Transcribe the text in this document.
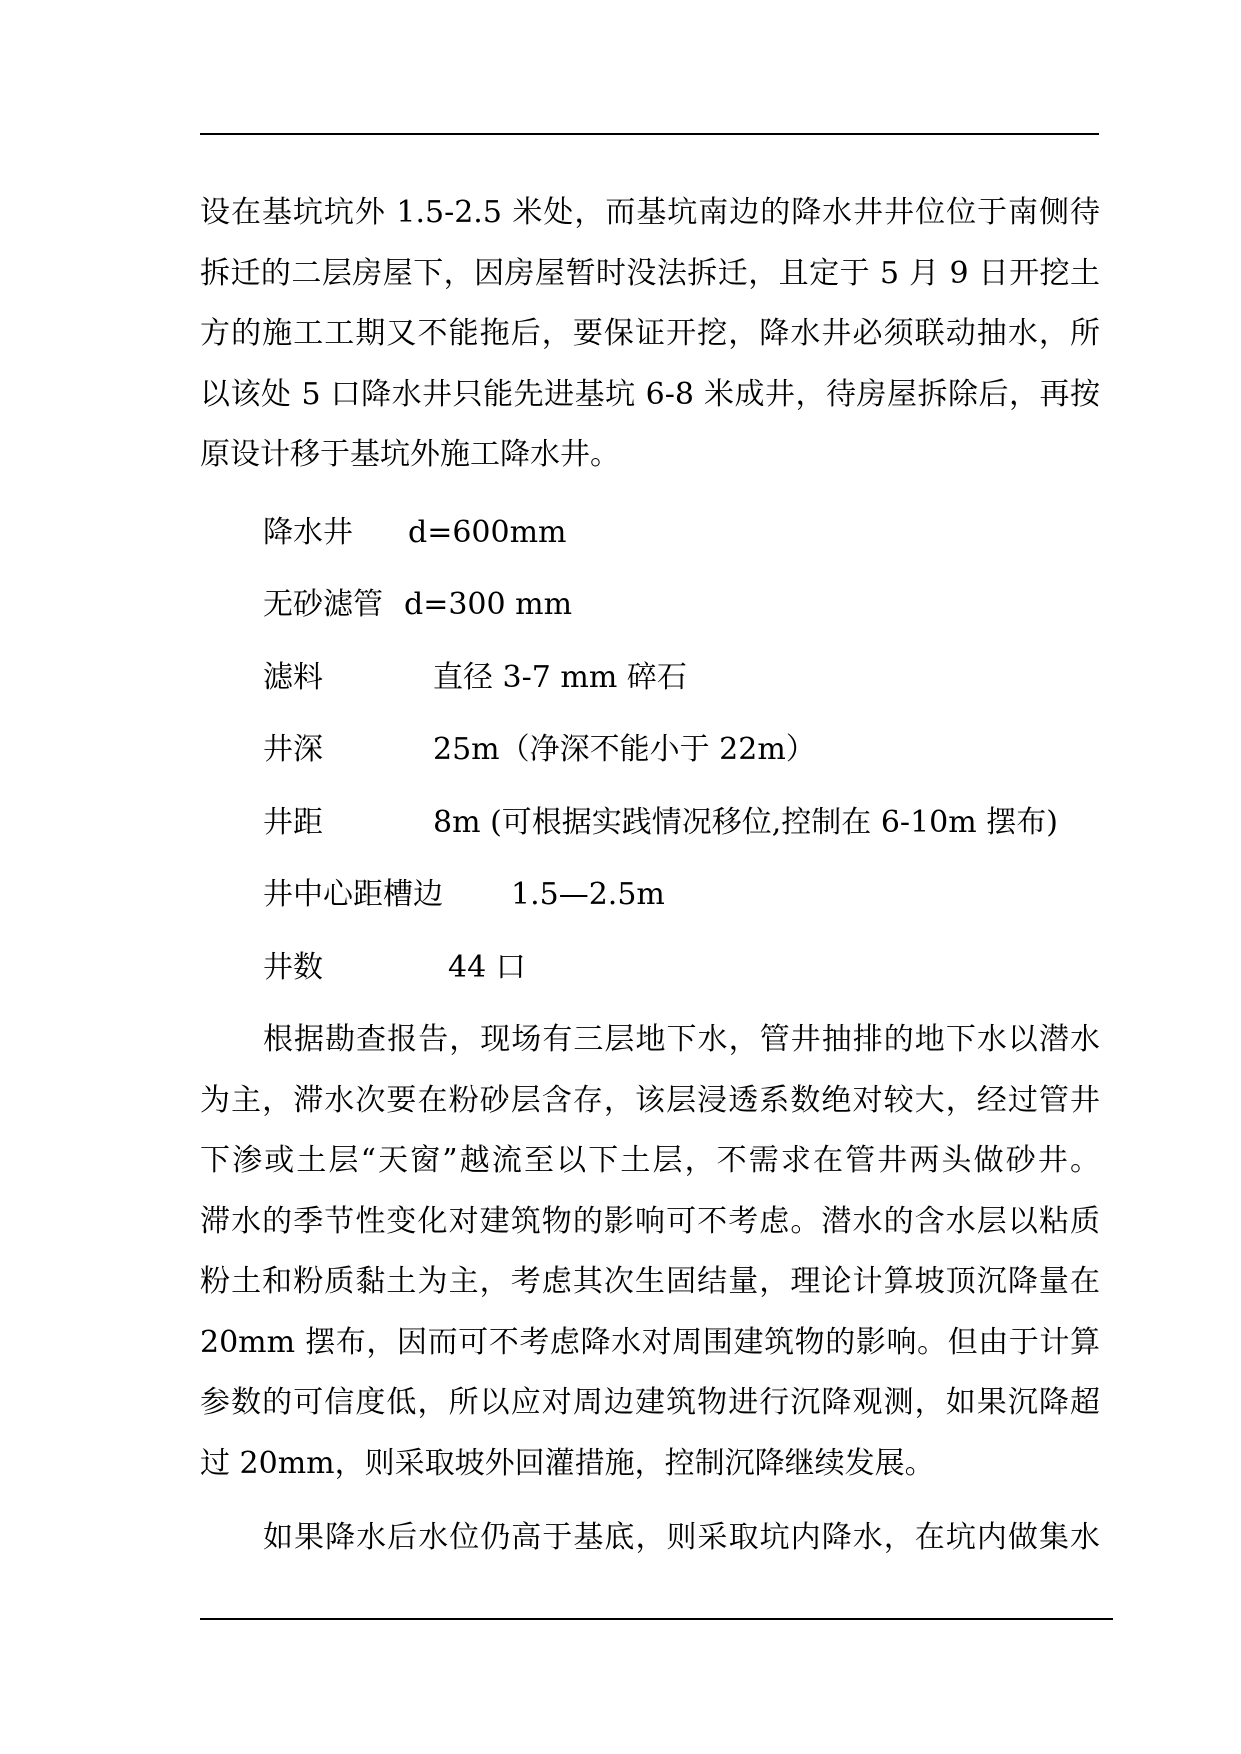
设在基坑坑外 1.5-2.5 米处，而基坑南边的降水井井位位于南侧待
拆迁的二层房屋下，因房屋暂时没法拆迁，且定于 5 月 9 日开挖土
方的施工工期又不能拖后，要保证开挖，降水井必须联动抽水，所
以该处 5 口降水井只能先进基坑 6-8 米成井，待房屋拆除后，再按
原设计移于基坑外施工降水井。

降水井	d=600mm
无砂滤管 d=300 mm
滤料	直径 3-7 mm 碎石
井深	25m（净深不能小于 22m）
井距	8m (可根据实践情况移位,控制在 6-10m 摆布)
井中心距槽边	1.5—2.5m
井数	44 口

根据勘查报告，现场有三层地下水，管井抽排的地下水以潜水
为主，滞水次要在粉砂层含存，该层浸透系数绝对较大，经过管井
下渗或土层“天窗”越流至以下土层，不需求在管井两头做砂井。
滞水的季节性变化对建筑物的影响可不考虑。潜水的含水层以粘质
粉土和粉质黏土为主，考虑其次生固结量，理论计算坡顶沉降量在
20mm 摆布，因而可不考虑降水对周围建筑物的影响。但由于计算
参数的可信度低，所以应对周边建筑物进行沉降观测，如果沉降超
过 20mm，则采取坡外回灌措施，控制沉降继续发展。

如果降水后水位仍高于基底，则采取坑内降水，在坑内做集水
